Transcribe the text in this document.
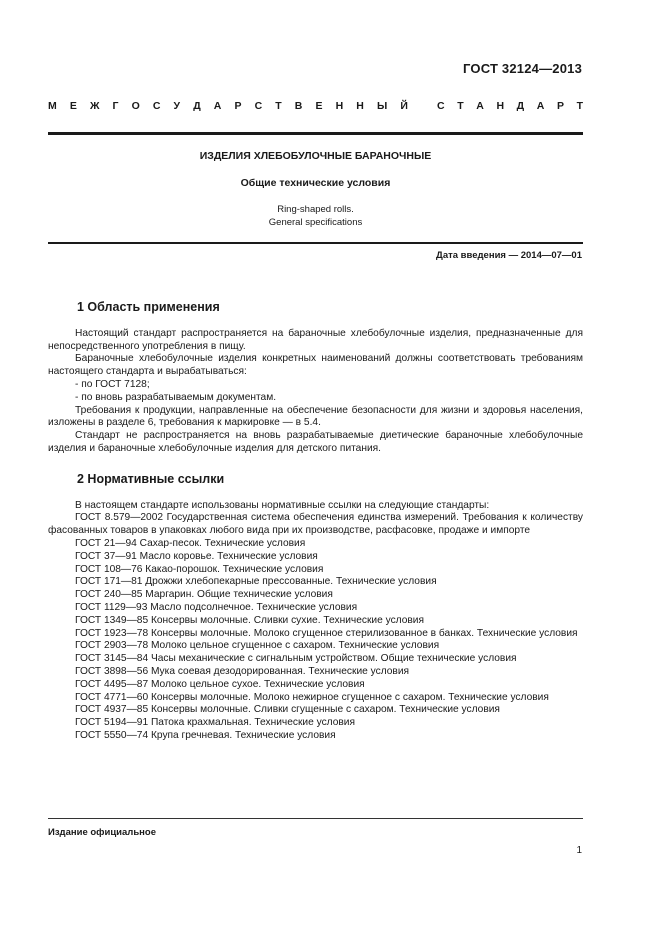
ГОСТ 32124—2013
М Е Ж Г О С У Д А Р С Т В Е Н Н Ы Й	С Т А Н Д А Р Т
ИЗДЕЛИЯ ХЛЕБОБУЛОЧНЫЕ БАРАНОЧНЫЕ
Общие технические условия
Ring-shaped rolls.
General specifications
Дата введения — 2014—07—01
1 Область применения

Настоящий стандарт распространяется на бараночные хлебобулочные изделия, предназначенные для непосредственного употребления в пищу.

Бараночные хлебобулочные изделия конкретных наименований должны соответствовать требованиям настоящего стандарта и вырабатываться:

- по ГОСТ 7128;

- по вновь разрабатываемым документам.

Требования к продукции, направленные на обеспечение безопасности для жизни и здоровья населения, изложены в разделе 6, требования к маркировке — в 5.4.

Стандарт не распространяется на вновь разрабатываемые диетические бараночные хлебобулочные изделия и бараночные хлебобулочные изделия для детского питания.

2 Нормативные ссылки

В настоящем стандарте использованы нормативные ссылки на следующие стандарты:

ГОСТ 8.579—2002 Государственная система обеспечения единства измерений. Требования к количеству фасованных товаров в упаковках любого вида при их производстве, расфасовке, продаже и импорте

ГОСТ 21—94 Сахар-песок. Технические условия

ГОСТ 37—91 Масло коровье. Технические условия

ГОСТ 108—76 Какао-порошок. Технические условия

ГОСТ 171—81 Дрожжи хлебопекарные прессованные. Технические условия

ГОСТ 240—85 Маргарин. Общие технические условия

ГОСТ 1129—93 Масло подсолнечное. Технические условия

ГОСТ 1349—85 Консервы молочные. Сливки сухие. Технические условия

ГОСТ 1923—78 Консервы молочные. Молоко сгущенное стерилизованное в банках. Технические условия

ГОСТ 2903—78 Молоко цельное сгущенное с сахаром. Технические условия

ГОСТ 3145—84 Часы механические с сигнальным устройством. Общие технические условия

ГОСТ 3898—56 Мука соевая дезодорированная. Технические условия

ГОСТ 4495—87 Молоко цельное сухое. Технические условия

ГОСТ 4771—60 Консервы молочные. Молоко нежирное сгущенное с сахаром. Технические условия

ГОСТ 4937—85 Консервы молочные. Сливки сгущенные с сахаром. Технические условия

ГОСТ 5194—91 Патока крахмальная. Технические условия

ГОСТ 5550—74 Крупа гречневая. Технические условия

Издание официальное
1
